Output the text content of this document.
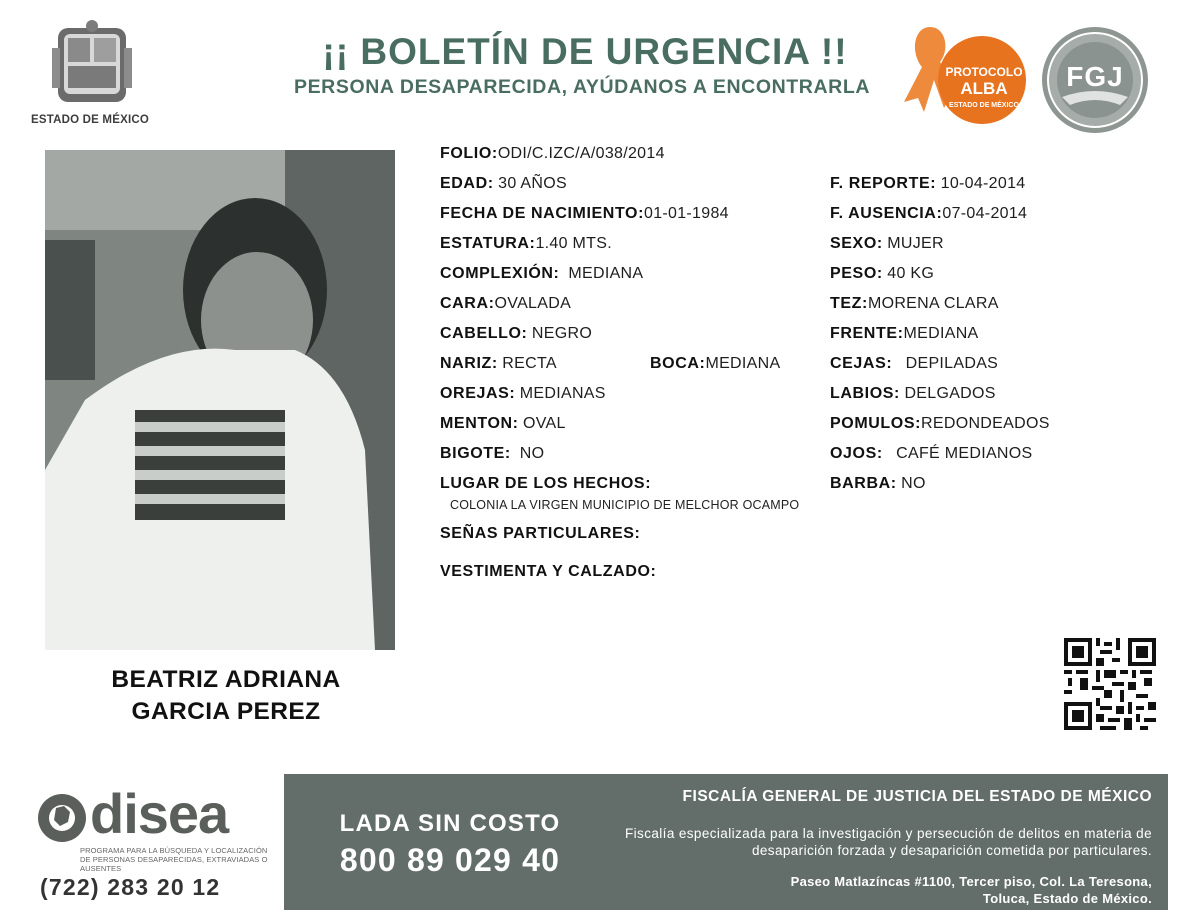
ESTADO DE MÉXICO
¡¡ BOLETÍN DE URGENCIA !!
PERSONA DESAPARECIDA, AYÚDANOS A ENCONTRARLA
PROTOCOLO
ALBA
ESTADO DE MÉXICO
FGJ
BEATRIZ ADRIANA
GARCIA PEREZ
FOLIO:ODI/C.IZC/A/038/2014
EDAD: 30 AÑOS	F. REPORTE: 10-04-2014
FECHA DE NACIMIENTO:01-01-1984	F. AUSENCIA:07-04-2014
ESTATURA:1.40 MTS.	SEXO: MUJER
COMPLEXIÓN: MEDIANA	PESO: 40 KG
CARA:OVALADA	TEZ:MORENA CLARA
CABELLO: NEGRO	FRENTE:MEDIANA
NARIZ: RECTA	BOCA:MEDIANA	CEJAS: DEPILADAS
OREJAS: MEDIANAS	LABIOS: DELGADOS
MENTON: OVAL	POMULOS:REDONDEADOS
BIGOTE: NO	OJOS: CAFÉ MEDIANOS
LUGAR DE LOS HECHOS:
COLONIA LA VIRGEN MUNICIPIO DE MELCHOR OCAMPO
BARBA: NO
SEÑAS PARTICULARES:
VESTIMENTA Y CALZADO:
disea
PROGRAMA PARA LA BÚSQUEDA Y LOCALIZACIÓN DE PERSONAS DESAPARECIDAS, EXTRAVIADAS O AUSENTES
(722) 283 20 12
LADA SIN COSTO
800 89 029 40
FISCALÍA GENERAL DE JUSTICIA DEL ESTADO DE MÉXICO
Fiscalía especializada para la investigación y persecución de delitos en materia de desaparición forzada y desaparición cometida por particulares.
Paseo Matlazíncas #1100, Tercer piso, Col. La Teresona,
Toluca, Estado de México.
